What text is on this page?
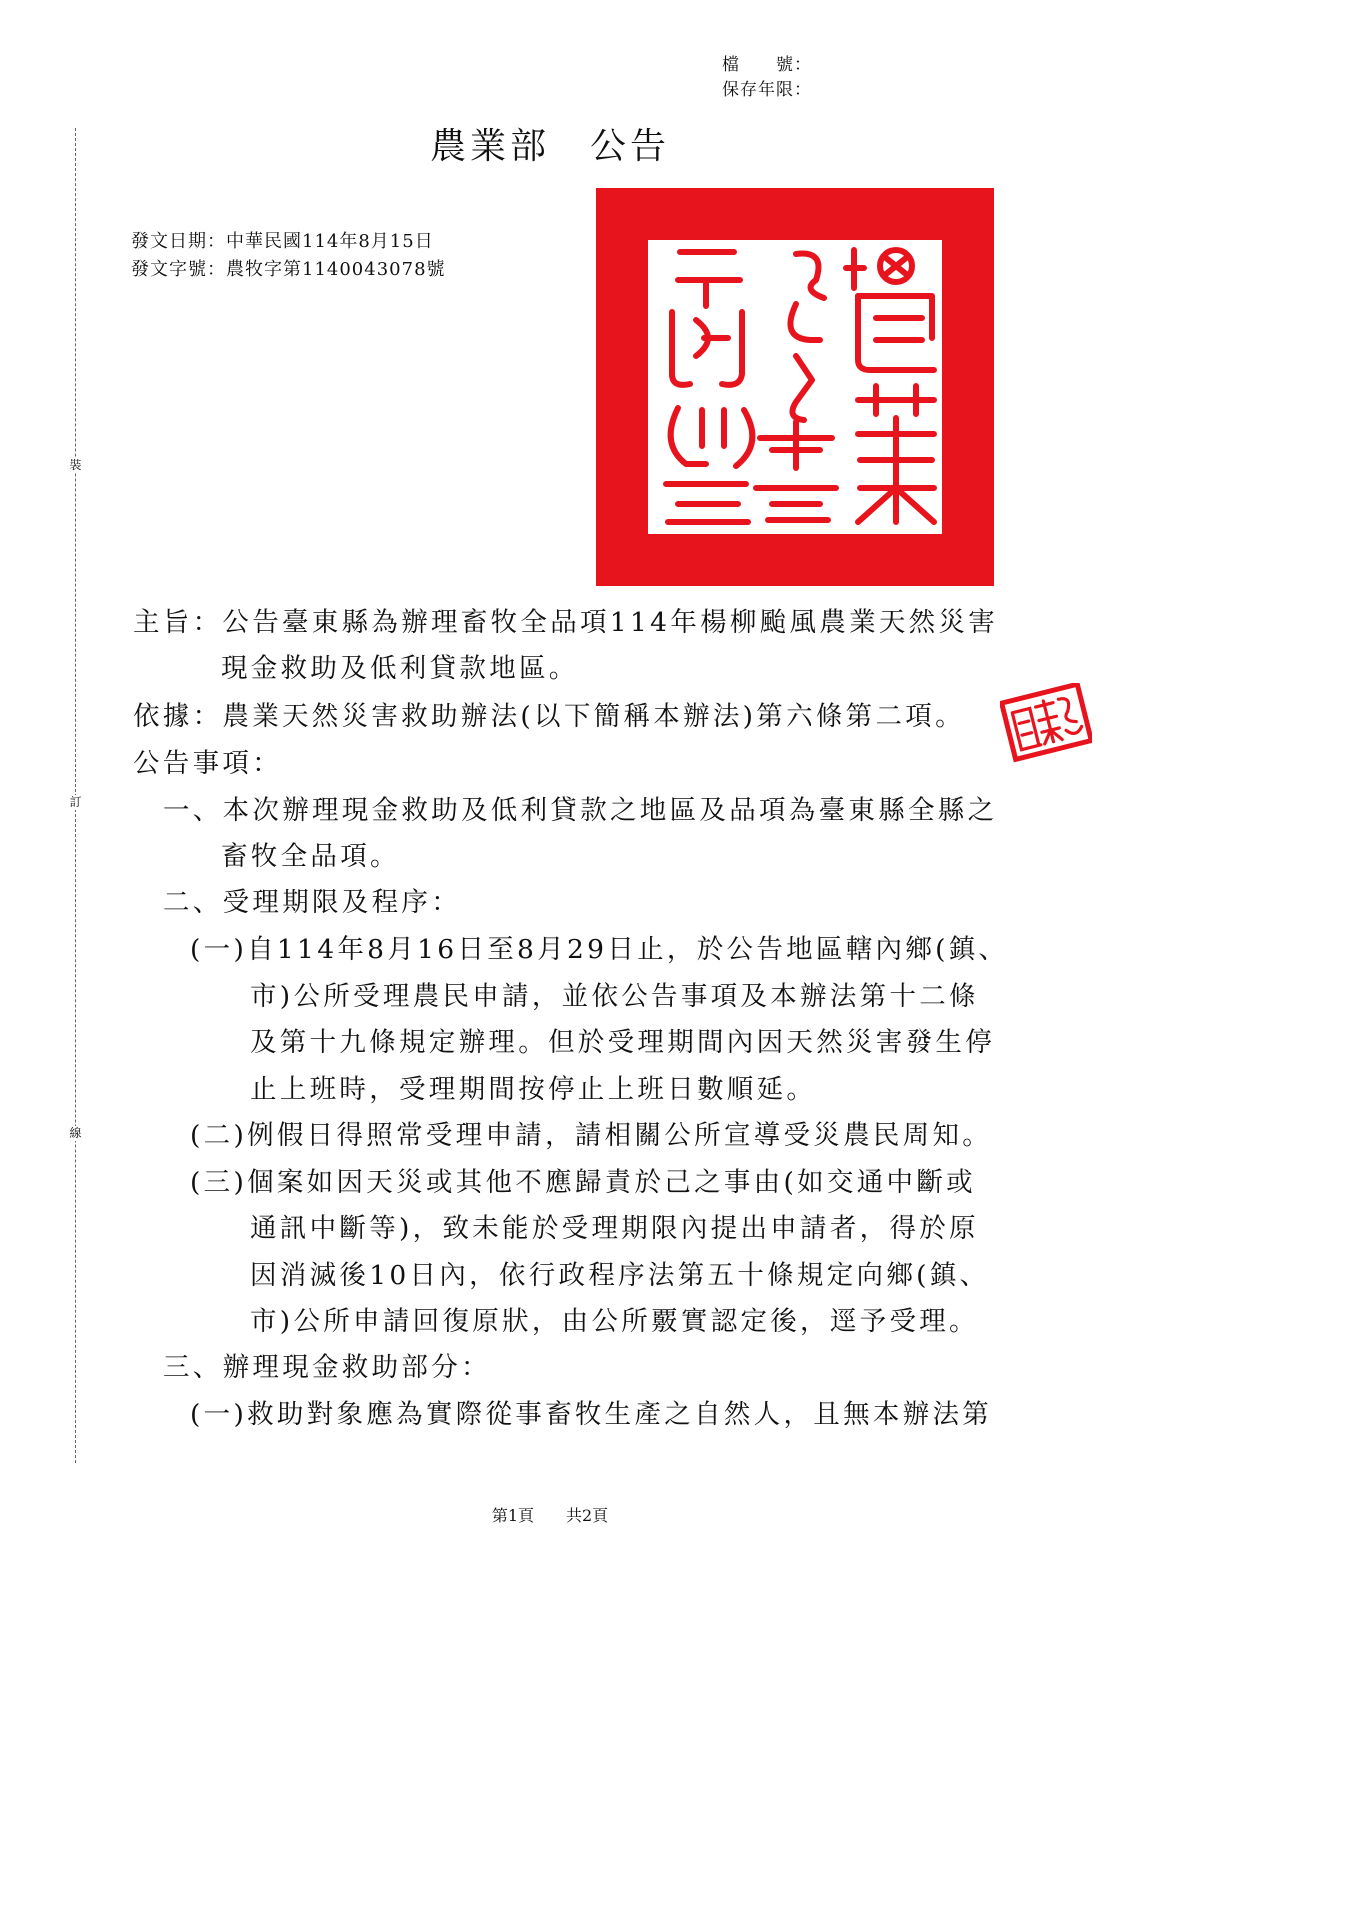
檔　　號：
保存年限：
裝
訂
線
農業部　公告
發文日期：中華民國114年8月15日
發文字號：農牧字第1140043078號
主旨：公告臺東縣為辦理畜牧全品項114年楊柳颱風農業天然災害
現金救助及低利貸款地區。
依據：農業天然災害救助辦法(以下簡稱本辦法)第六條第二項。
公告事項：
一、本次辦理現金救助及低利貸款之地區及品項為臺東縣全縣之
畜牧全品項。
二、受理期限及程序：
(一)自114年8月16日至8月29日止，於公告地區轄內鄉(鎮、
市)公所受理農民申請，並依公告事項及本辦法第十二條
及第十九條規定辦理。但於受理期間內因天然災害發生停
止上班時，受理期間按停止上班日數順延。
(二)例假日得照常受理申請，請相關公所宣導受災農民周知。
(三)個案如因天災或其他不應歸責於己之事由(如交通中斷或
通訊中斷等)，致未能於受理期限內提出申請者，得於原
因消滅後10日內，依行政程序法第五十條規定向鄉(鎮、
市)公所申請回復原狀，由公所覈實認定後，逕予受理。
三、辦理現金救助部分：
(一)救助對象應為實際從事畜牧生產之自然人，且無本辦法第
第1頁　　共2頁
